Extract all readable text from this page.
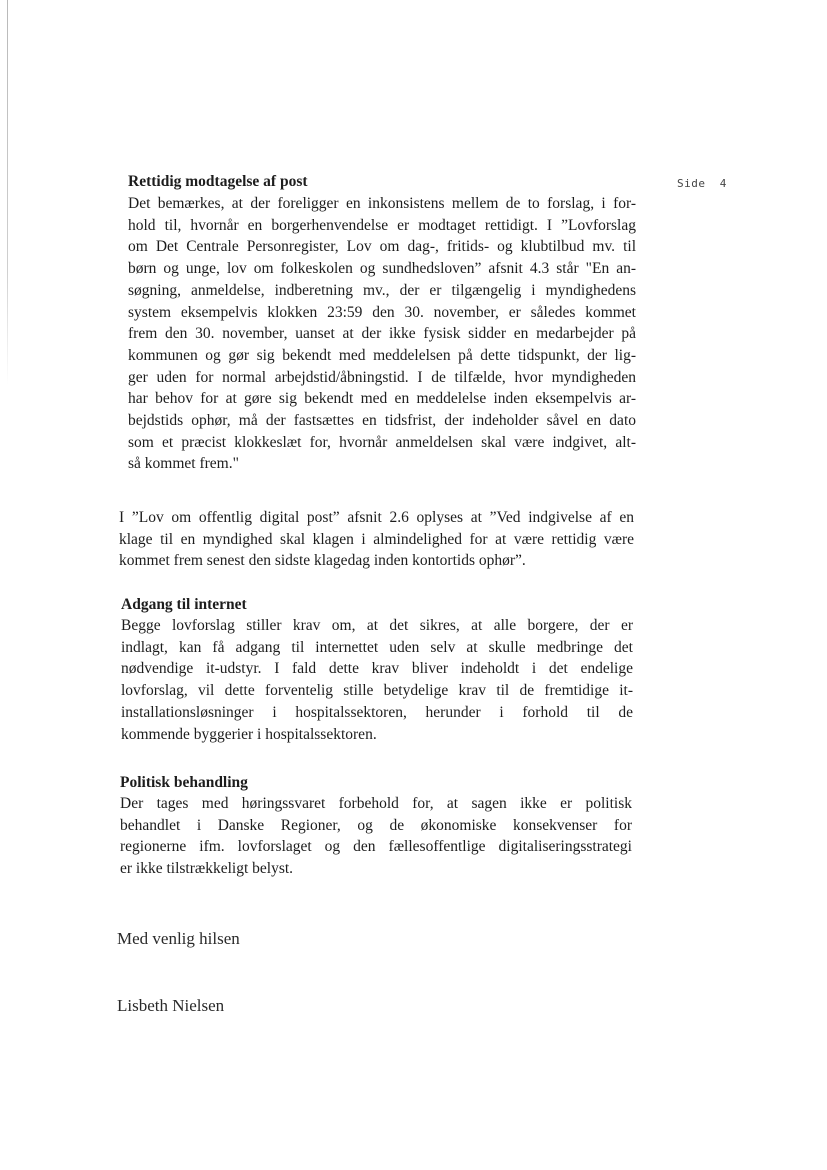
Side  4

Rettidig modtagelse af post

Det bemærkes, at der foreligger en inkonsistens mellem de to forslag, i for-
hold til, hvornår en borgerhenvendelse er modtaget rettidigt. I ”Lovforslag
om Det Centrale Personregister, Lov om dag-, fritids- og klubtilbud mv. til
børn og unge, lov om folkeskolen og sundhedsloven” afsnit 4.3 står "En an-
søgning, anmeldelse, indberetning mv., der er tilgængelig i myndighedens
system eksempelvis klokken 23:59 den 30. november, er således kommet
frem den 30. november, uanset at der ikke fysisk sidder en medarbejder på
kommunen og gør sig bekendt med meddelelsen på dette tidspunkt, der lig-
ger uden for normal arbejdstid/åbningstid. I de tilfælde, hvor myndigheden
har behov for at gøre sig bekendt med en meddelelse inden eksempelvis ar-
bejdstids ophør, må der fastsættes en tidsfrist, der indeholder såvel en dato
som et præcist klokkeslæt for, hvornår anmeldelsen skal være indgivet, alt-
så kommet frem."
I ”Lov om offentlig digital post” afsnit 2.6 oplyses at ”Ved indgivelse af en
klage til en myndighed skal klagen i almindelighed for at være rettidig være
kommet frem senest den sidste klagedag inden kontortids ophør”.

Adgang til internet

Begge lovforslag stiller krav om, at det sikres, at alle borgere, der er
indlagt, kan få adgang til internettet uden selv at skulle medbringe det
nødvendige it-udstyr. I fald dette krav bliver indeholdt i det endelige
lovforslag, vil dette forventelig stille betydelige krav til de fremtidige it-
installationsløsninger i hospitalssektoren, herunder i forhold til de
kommende byggerier i hospitalssektoren.

Politisk behandling

Der tages med høringssvaret forbehold for, at sagen ikke er politisk
behandlet i Danske Regioner, og de økonomiske konsekvenser for
regionerne ifm. lovforslaget og den fællesoffentlige digitaliseringsstrategi
er ikke tilstrækkeligt belyst.
Med venlig hilsen
Lisbeth Nielsen
